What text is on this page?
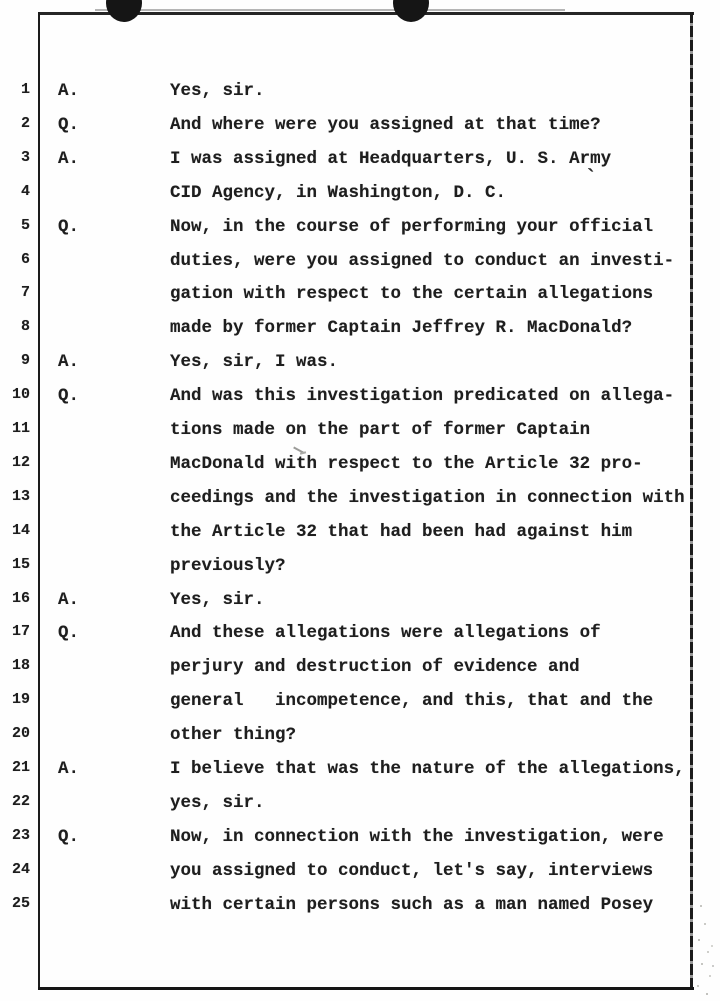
1 A.	Yes, sir.
2 Q.	And where were you assigned at that time?
3 A.	I was assigned at Headquarters, U. S. Army
4	CID Agency, in Washington, D. C.
5 Q.	Now, in the course of performing your official
6	duties, were you assigned to conduct an investi-
7	gation with respect to the certain allegations
8	made by former Captain Jeffrey R. MacDonald?
9 A.	Yes, sir, I was.
10 Q.	And was this investigation predicated on allega-
11	tions made on the part of former Captain
12	MacDonald with respect to the Article 32 pro-
13	ceedings and the investigation in connection with
14	the Article 32 that had been had against him
15	previously?
16 A.	Yes, sir.
17 Q.	And these allegations were allegations of
18	perjury and destruction of evidence and
19	general   incompetence, and this, that and the
20	other thing?
21 A.	I believe that was the nature of the allegations,
22	yes, sir.
23 Q.	Now, in connection with the investigation, were
24	you assigned to conduct, let's say, interviews
25	with certain persons such as a man named Posey
`
